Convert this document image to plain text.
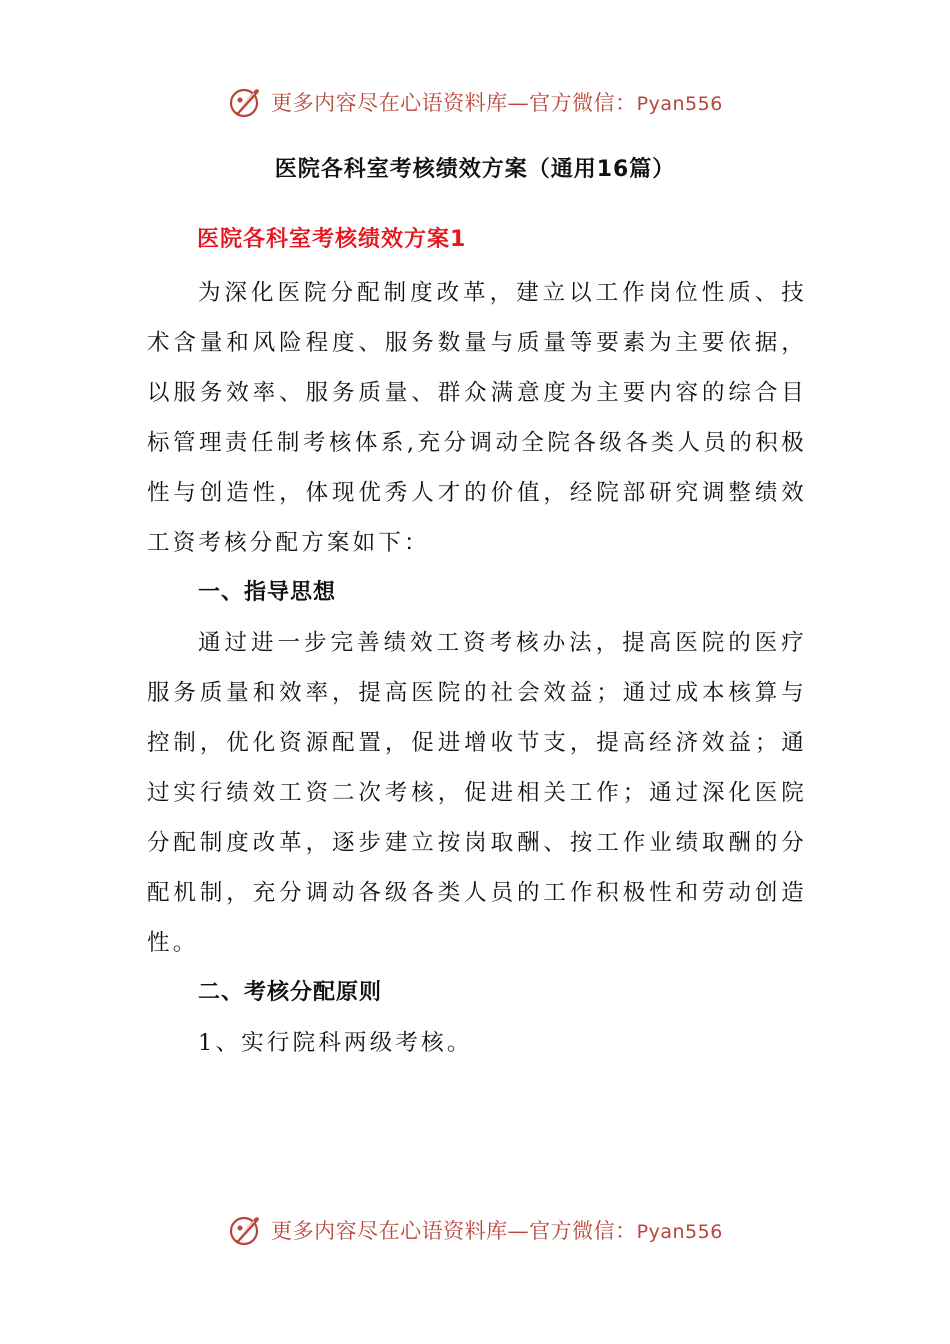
更多内容尽在心语资料库—官方微信：Pyan556
医院各科室考核绩效方案（通用16篇）
医院各科室考核绩效方案1

为深化医院分配制度改革，建立以工作岗位性质、技术含量和风险程度、服务数量与质量等要素为主要依据，以服务效率、服务质量、群众满意度为主要内容的综合目标管理责任制考核体系,充分调动全院各级各类人员的积极性与创造性，体现优秀人才的价值，经院部研究调整绩效工资考核分配方案如下：

一、指导思想

通过进一步完善绩效工资考核办法，提高医院的医疗服务质量和效率，提高医院的社会效益；通过成本核算与控制，优化资源配置，促进增收节支，提高经济效益；通过实行绩效工资二次考核，促进相关工作；通过深化医院分配制度改革，逐步建立按岗取酬、按工作业绩取酬的分配机制，充分调动各级各类人员的工作积极性和劳动创造性。

二、考核分配原则
1、实行院科两级考核。
更多内容尽在心语资料库—官方微信：Pyan556
